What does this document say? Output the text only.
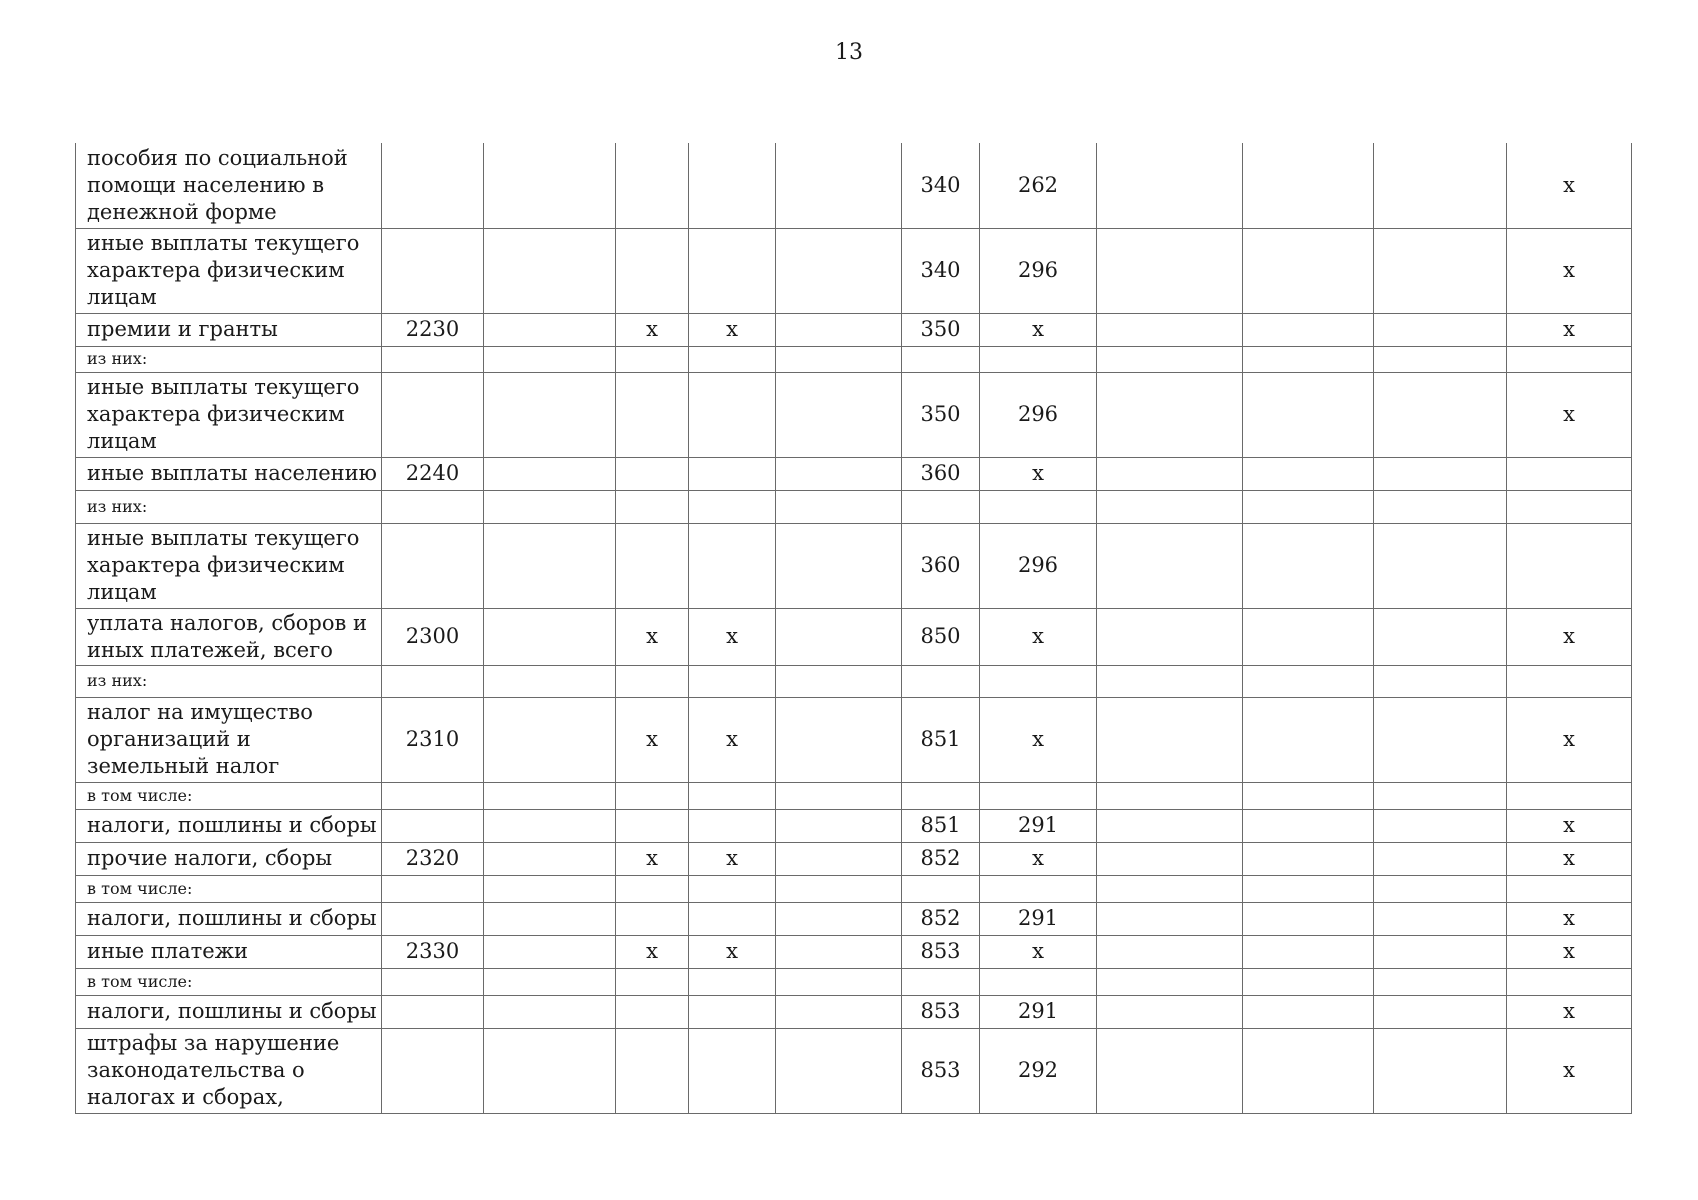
13
пособия по социальной помощи населению в денежной форме						340	262				x
иные выплаты текущего характера физическим лицам						340	296				x
премии и гранты	2230		x	x		350	x				x
из них:											
иные выплаты текущего характера физическим лицам						350	296				x
иные выплаты населению	2240					360	x				
из них:											
иные выплаты текущего характера физическим лицам						360	296				
уплата налогов, сборов и иных платежей, всего	2300		x	x		850	x				x
из них:											
налог на имущество организаций и земельный налог	2310		x	x		851	x				x
в том числе:											
налоги, пошлины и сборы						851	291				x
прочие налоги, сборы	2320		x	x		852	x				x
в том числе:											
налоги, пошлины и сборы						852	291				x
иные платежи	2330		x	x		853	x				x
в том числе:											
налоги, пошлины и сборы						853	291				x
штрафы за нарушение законодательства о налогах и сборах,						853	292				x
